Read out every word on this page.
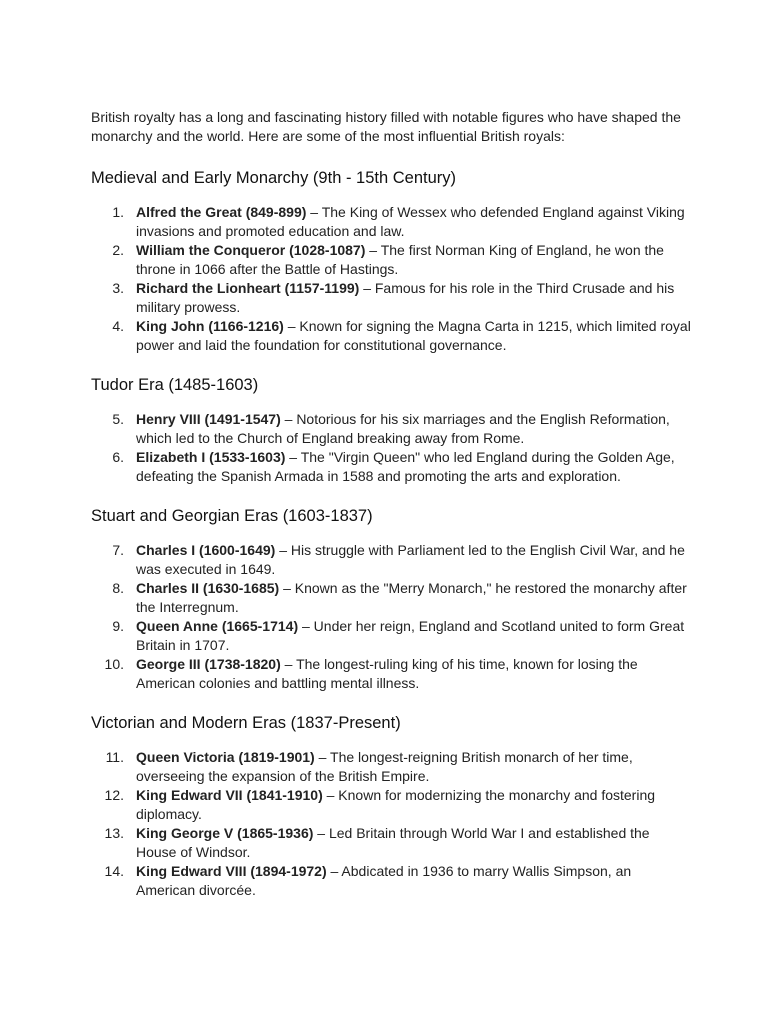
British royalty has a long and fascinating history filled with notable figures who have shaped the monarchy and the world. Here are some of the most influential British royals:

Medieval and Early Monarchy (9th - 15th Century)
1. Alfred the Great (849-899) – The King of Wessex who defended England against Viking invasions and promoted education and law.
2. William the Conqueror (1028-1087) – The first Norman King of England, he won the throne in 1066 after the Battle of Hastings.
3. Richard the Lionheart (1157-1199) – Famous for his role in the Third Crusade and his military prowess.
4. King John (1166-1216) – Known for signing the Magna Carta in 1215, which limited royal power and laid the foundation for constitutional governance.
Tudor Era (1485-1603)
5. Henry VIII (1491-1547) – Notorious for his six marriages and the English Reformation, which led to the Church of England breaking away from Rome.
6. Elizabeth I (1533-1603) – The "Virgin Queen" who led England during the Golden Age, defeating the Spanish Armada in 1588 and promoting the arts and exploration.
Stuart and Georgian Eras (1603-1837)
7. Charles I (1600-1649) – His struggle with Parliament led to the English Civil War, and he was executed in 1649.
8. Charles II (1630-1685) – Known as the "Merry Monarch," he restored the monarchy after the Interregnum.
9. Queen Anne (1665-1714) – Under her reign, England and Scotland united to form Great Britain in 1707.
10. George III (1738-1820) – The longest-ruling king of his time, known for losing the American colonies and battling mental illness.
Victorian and Modern Eras (1837-Present)
11. Queen Victoria (1819-1901) – The longest-reigning British monarch of her time, overseeing the expansion of the British Empire.
12. King Edward VII (1841-1910) – Known for modernizing the monarchy and fostering diplomacy.
13. King George V (1865-1936) – Led Britain through World War I and established the House of Windsor.
14. King Edward VIII (1894-1972) – Abdicated in 1936 to marry Wallis Simpson, an American divorcée.
